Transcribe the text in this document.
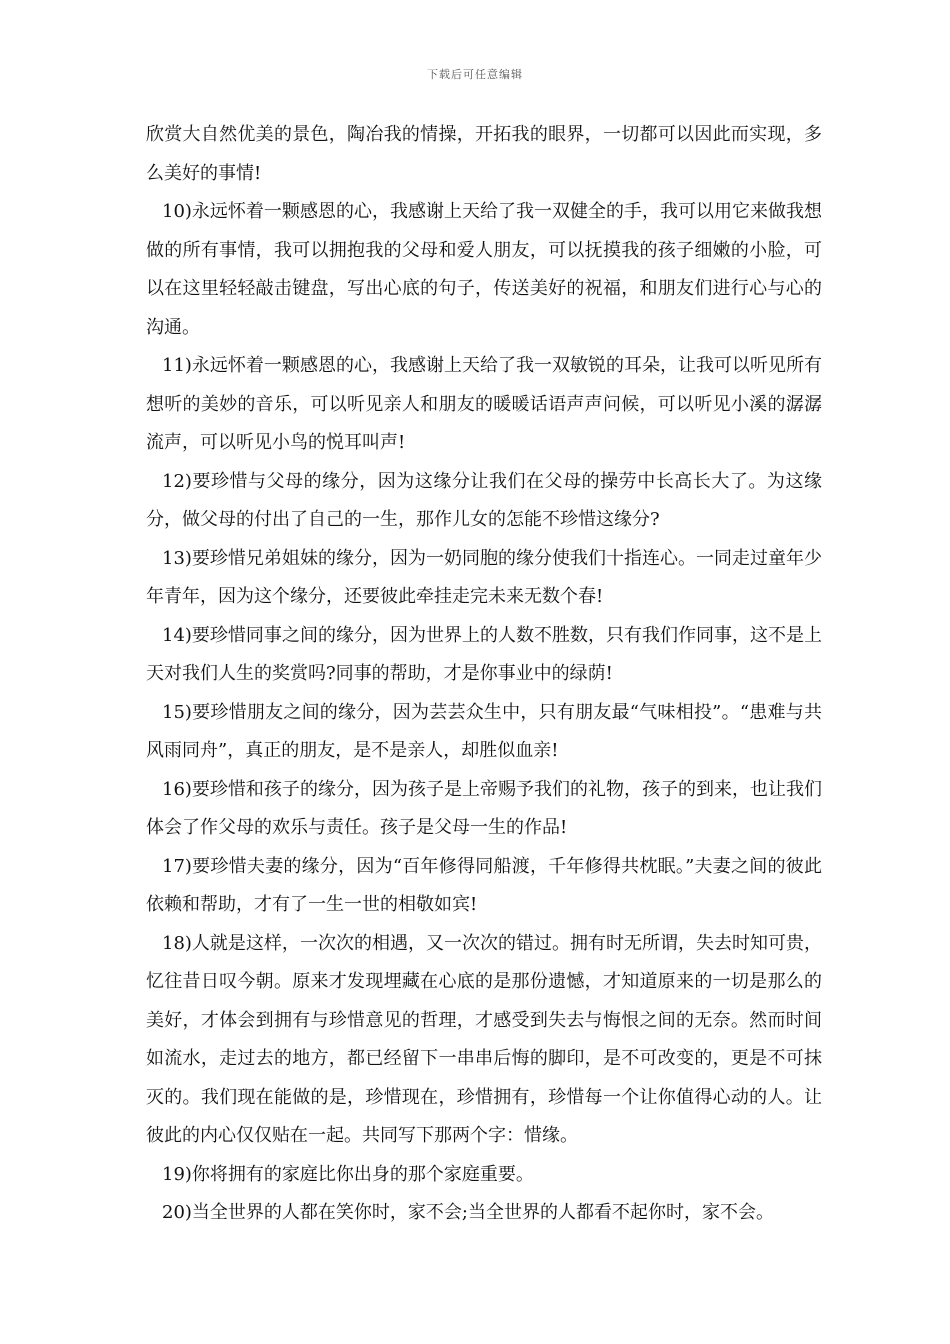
下载后可任意编辑

欣赏大自然优美的景色，陶冶我的情操，开拓我的眼界，一切都可以因此而实现，多么美好的事情!

10)永远怀着一颗感恩的心，我感谢上天给了我一双健全的手，我可以用它来做我想做的所有事情，我可以拥抱我的父母和爱人朋友，可以抚摸我的孩子细嫩的小脸，可以在这里轻轻敲击键盘，写出心底的句子，传送美好的祝福，和朋友们进行心与心的沟通。

11)永远怀着一颗感恩的心，我感谢上天给了我一双敏锐的耳朵，让我可以听见所有想听的美妙的音乐，可以听见亲人和朋友的暖暖话语声声问候，可以听见小溪的潺潺流声，可以听见小鸟的悦耳叫声!

12)要珍惜与父母的缘分，因为这缘分让我们在父母的操劳中长高长大了。为这缘分，做父母的付出了自己的一生，那作儿女的怎能不珍惜这缘分?

13)要珍惜兄弟姐妹的缘分，因为一奶同胞的缘分使我们十指连心。一同走过童年少年青年，因为这个缘分，还要彼此牵挂走完未来无数个春!

14)要珍惜同事之间的缘分，因为世界上的人数不胜数，只有我们作同事，这不是上天对我们人生的奖赏吗?同事的帮助，才是你事业中的绿荫!

15)要珍惜朋友之间的缘分，因为芸芸众生中，只有朋友最“气味相投”。“患难与共风雨同舟”，真正的朋友，是不是亲人，却胜似血亲!

16)要珍惜和孩子的缘分，因为孩子是上帝赐予我们的礼物，孩子的到来，也让我们体会了作父母的欢乐与责任。孩子是父母一生的作品!

17)要珍惜夫妻的缘分，因为“百年修得同船渡，千年修得共枕眠。”夫妻之间的彼此依赖和帮助，才有了一生一世的相敬如宾!

18)人就是这样，一次次的相遇，又一次次的错过。拥有时无所谓，失去时知可贵，忆往昔日叹今朝。原来才发现埋藏在心底的是那份遗憾，才知道原来的一切是那么的美好，才体会到拥有与珍惜意见的哲理，才感受到失去与悔恨之间的无奈。然而时间如流水，走过去的地方，都已经留下一串串后悔的脚印，是不可改变的，更是不可抹灭的。我们现在能做的是，珍惜现在，珍惜拥有，珍惜每一个让你值得心动的人。让彼此的内心仅仅贴在一起。共同写下那两个字：惜缘。

19)你将拥有的家庭比你出身的那个家庭重要。

20)当全世界的人都在笑你时，家不会;当全世界的人都看不起你时，家不会。
